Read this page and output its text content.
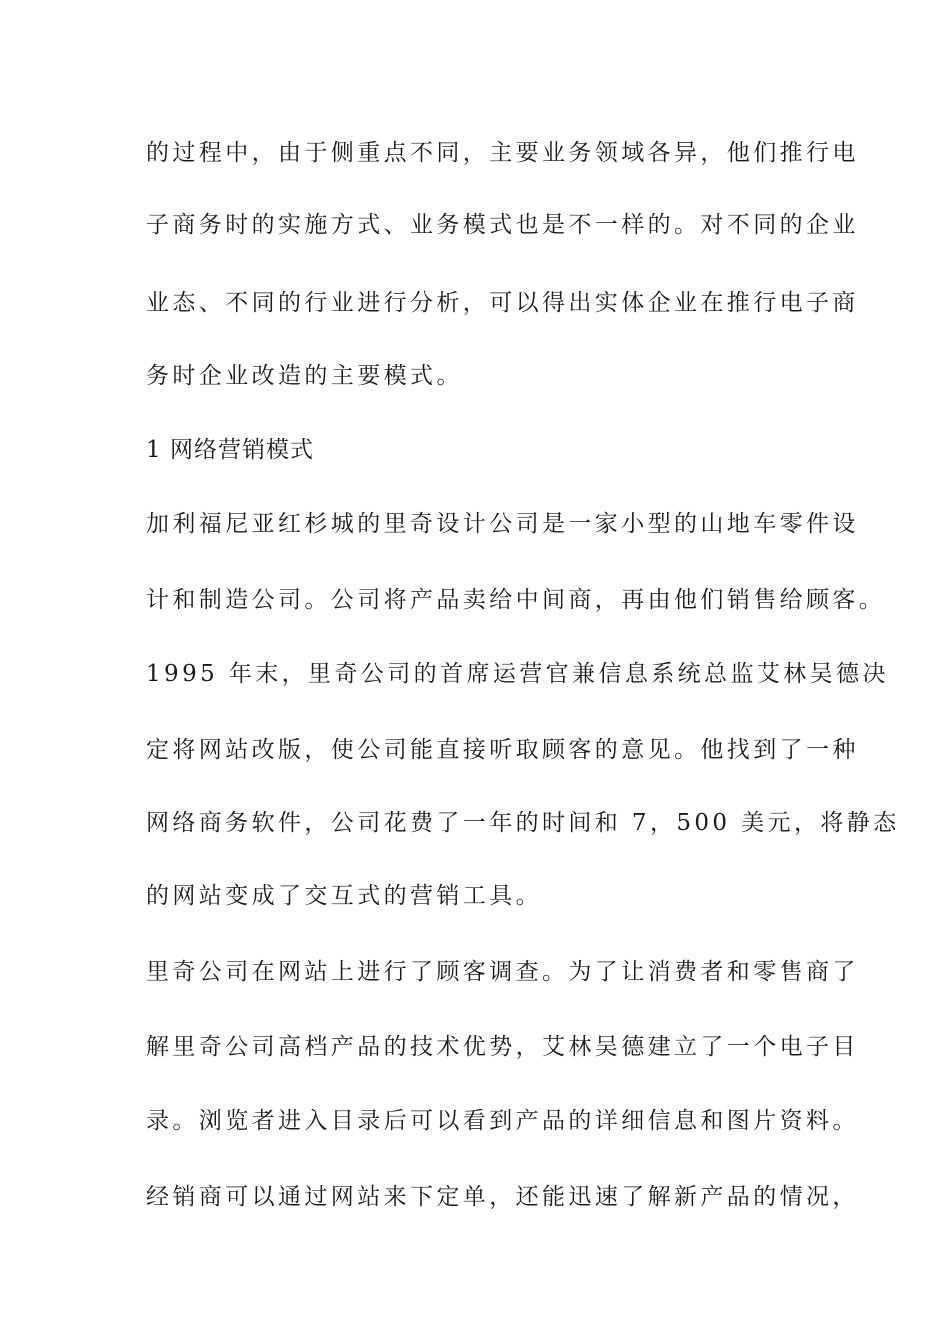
的过程中，由于侧重点不同，主要业务领域各异，他们推行电
子商务时的实施方式、业务模式也是不一样的。对不同的企业
业态、不同的行业进行分析，可以得出实体企业在推行电子商
务时企业改造的主要模式。
1 网络营销模式
加利福尼亚红杉城的里奇设计公司是一家小型的山地车零件设
计和制造公司。公司将产品卖给中间商，再由他们销售给顾客。
1995 年末，里奇公司的首席运营官兼信息系统总监艾林吴德决
定将网站改版，使公司能直接听取顾客的意见。他找到了一种
网络商务软件，公司花费了一年的时间和 7，500 美元，将静态
的网站变成了交互式的营销工具。
里奇公司在网站上进行了顾客调查。为了让消费者和零售商了
解里奇公司高档产品的技术优势，艾林吴德建立了一个电子目
录。浏览者进入目录后可以看到产品的详细信息和图片资料。
经销商可以通过网站来下定单，还能迅速了解新产品的情况，
